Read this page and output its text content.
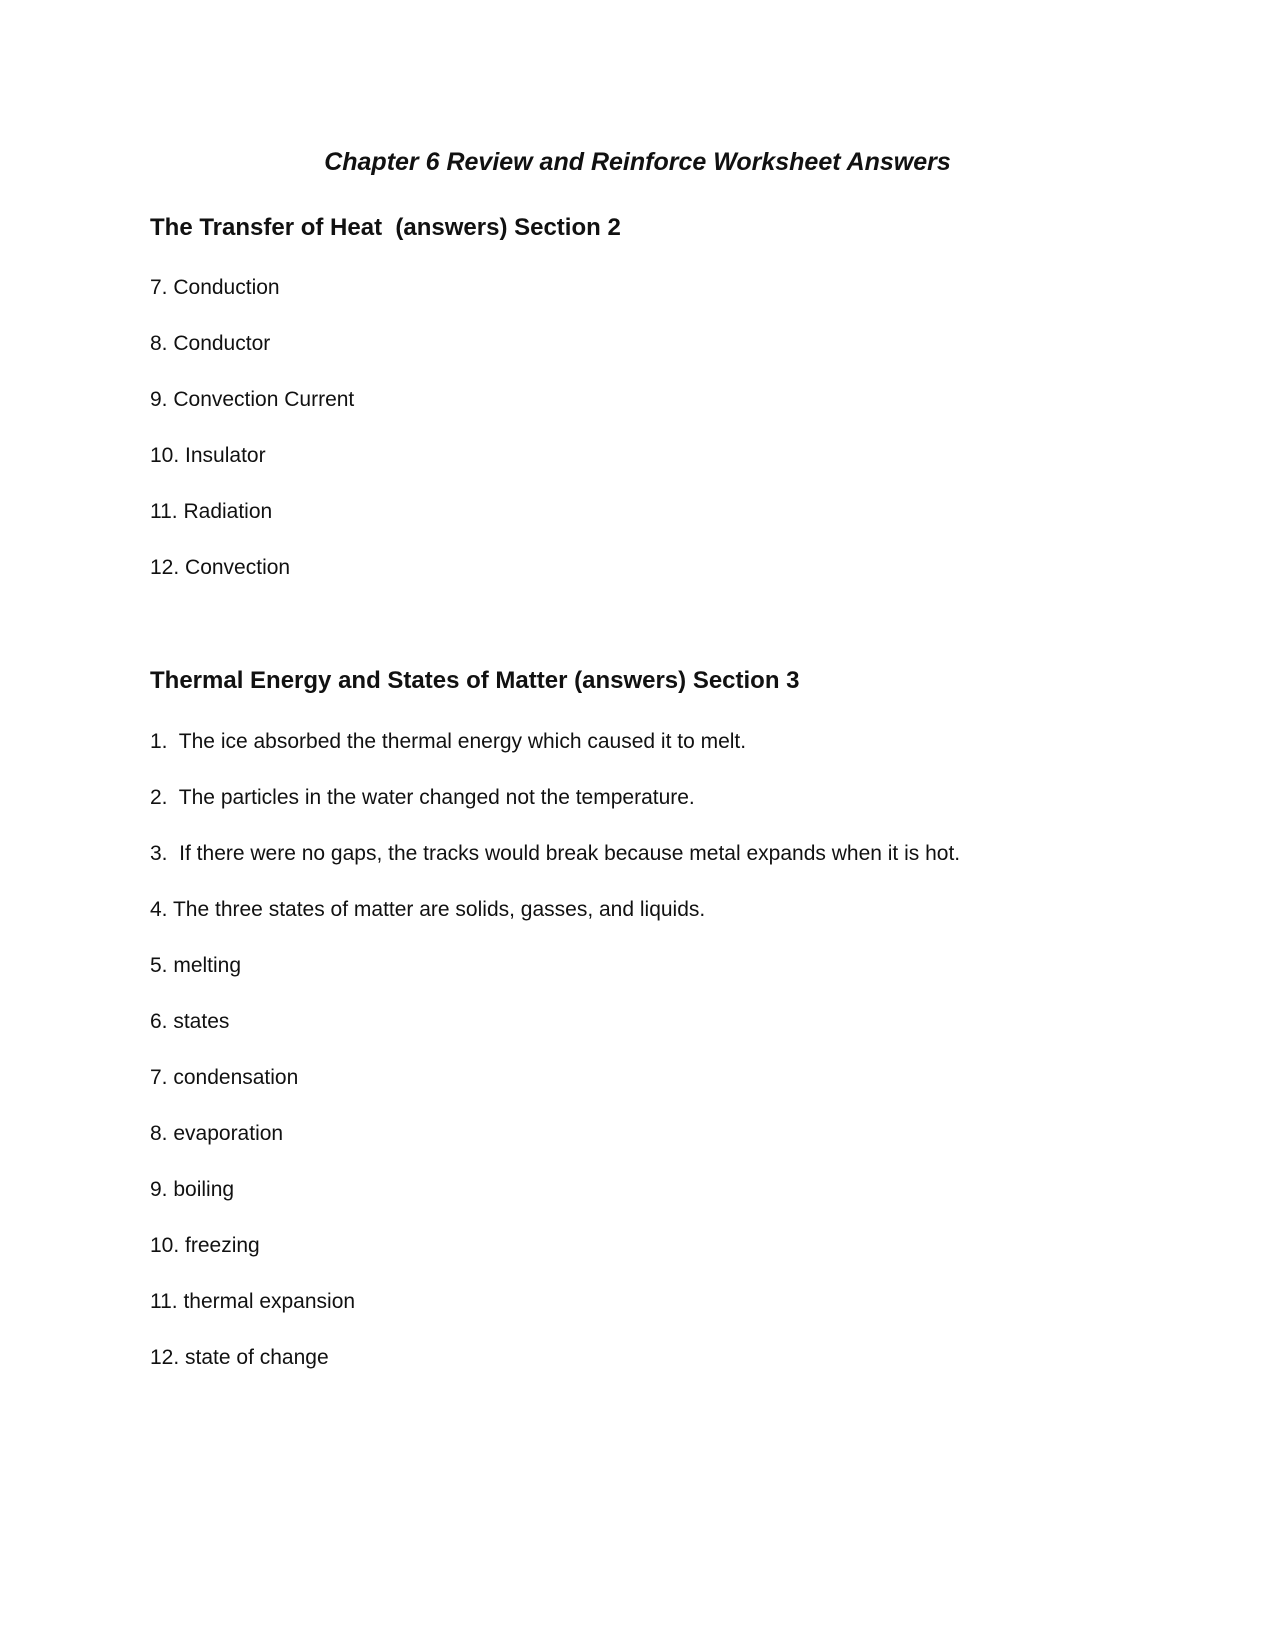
Chapter 6 Review and Reinforce Worksheet Answers
The Transfer of Heat  (answers) Section 2
7. Conduction
8. Conductor
9. Convection Current
10. Insulator
11. Radiation
12. Convection
Thermal Energy and States of Matter (answers) Section 3
1.  The ice absorbed the thermal energy which caused it to melt.
2.  The particles in the water changed not the temperature.
3.  If there were no gaps, the tracks would break because metal expands when it is hot.
4. The three states of matter are solids, gasses, and liquids.
5. melting
6. states
7. condensation
8. evaporation
9. boiling
10. freezing
11. thermal expansion
12. state of change
